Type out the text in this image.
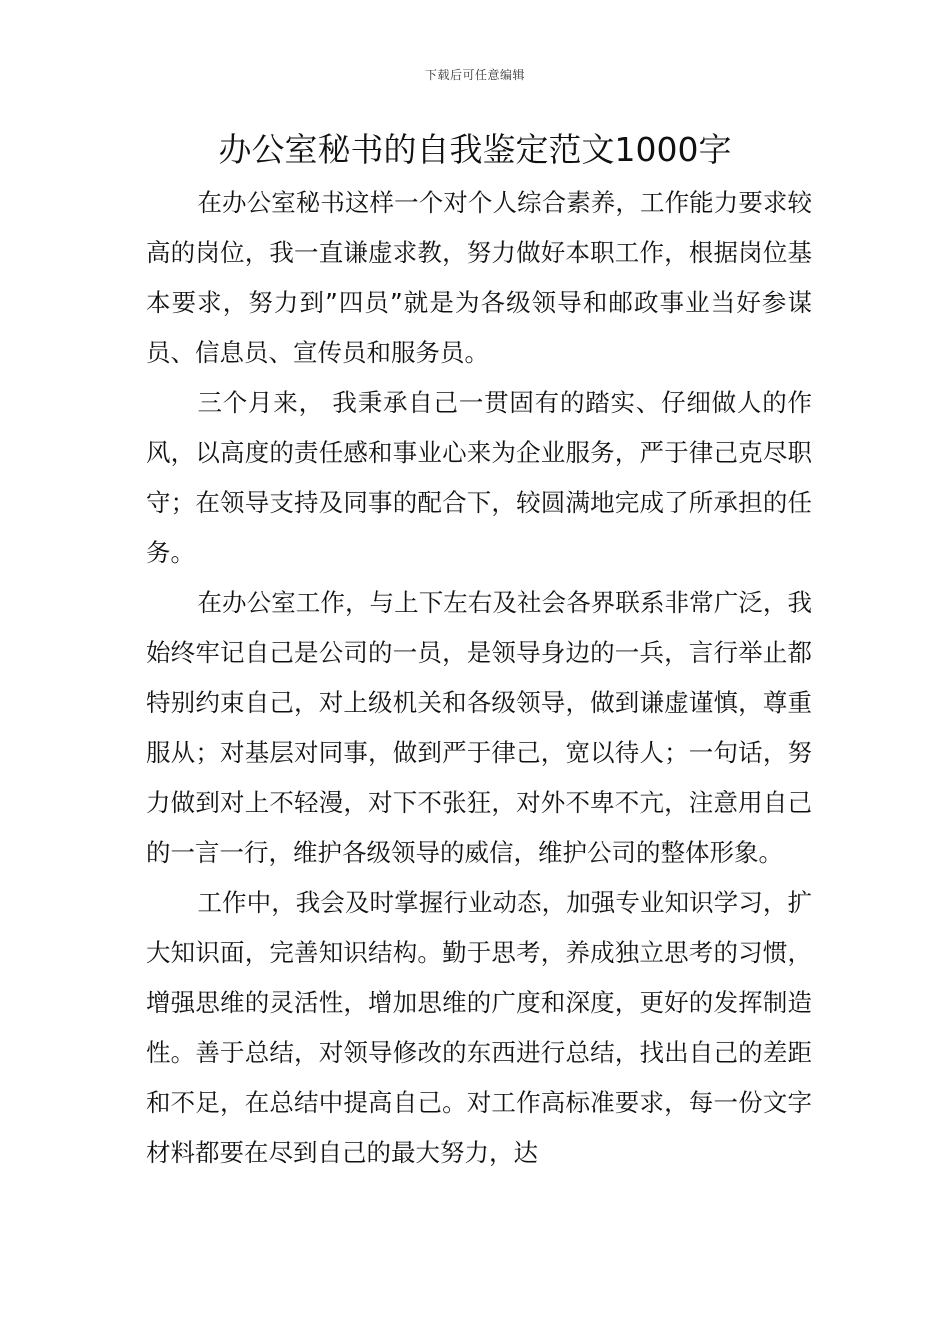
下载后可任意编辑
办公室秘书的自我鉴定范文1000字

在办公室秘书这样一个对个人综合素养，工作能力要求较高的岗位，我一直谦虚求教，努力做好本职工作，根据岗位基本要求，努力到”四员”就是为各级领导和邮政事业当好参谋员、信息员、宣传员和服务员。

三个月来， 我秉承自己一贯固有的踏实、仔细做人的作风，以高度的责任感和事业心来为企业服务，严于律己克尽职守；在领导支持及同事的配合下，较圆满地完成了所承担的任务。

在办公室工作，与上下左右及社会各界联系非常广泛，我始终牢记自己是公司的一员，是领导身边的一兵，言行举止都特别约束自己，对上级机关和各级领导，做到谦虚谨慎，尊重服从；对基层对同事，做到严于律己，宽以待人；一句话，努力做到对上不轻漫，对下不张狂，对外不卑不亢，注意用自己的一言一行，维护各级领导的威信，维护公司的整体形象。

工作中，我会及时掌握行业动态，加强专业知识学习，扩大知识面，完善知识结构。勤于思考，养成独立思考的习惯，增强思维的灵活性，增加思维的广度和深度，更好的发挥制造性。善于总结，对领导修改的东西进行总结，找出自己的差距和不足，在总结中提高自己。对工作高标准要求，每一份文字材料都要在尽到自己的最大努力，达
